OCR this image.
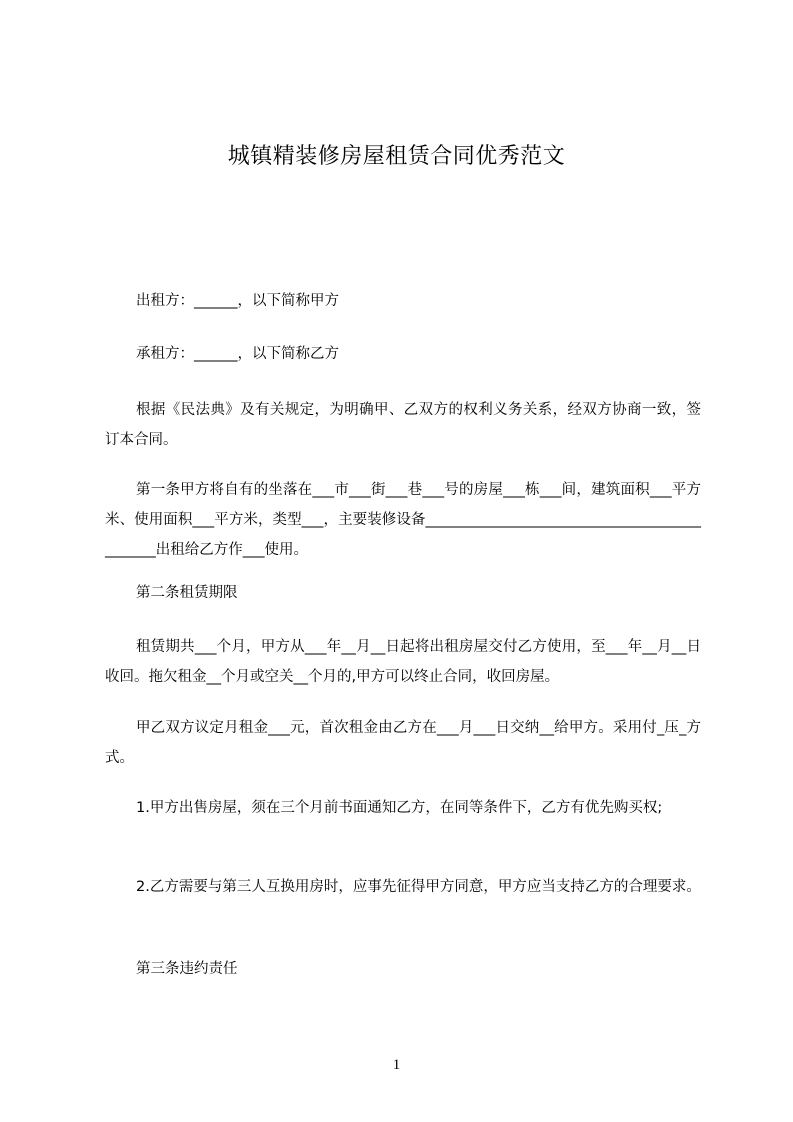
城镇精装修房屋租赁合同优秀范文
出租方：______，以下简称甲方
承租方：______，以下简称乙方
根据《民法典》及有关规定，为明确甲、乙双方的权利义务关系，经双方协商一致，签订本合同。
第一条甲方将自有的坐落在___市___街___巷___号的房屋___栋___间，建筑面积___平方米、使用面积___平方米，类型___，主要装修设备_____________________________________________出租给乙方作___使用。
第二条租赁期限
租赁期共___个月，甲方从___年__月__日起将出租房屋交付乙方使用，至___年__月__日收回。拖欠租金__个月或空关__个月的,甲方可以终止合同，收回房屋。
甲乙双方议定月租金___元，首次租金由乙方在___月___日交纳__给甲方。采用付_压_方式。
1.甲方出售房屋，须在三个月前书面通知乙方，在同等条件下，乙方有优先购买权;
2.乙方需要与第三人互换用房时，应事先征得甲方同意，甲方应当支持乙方的合理要求。
第三条违约责任
1
